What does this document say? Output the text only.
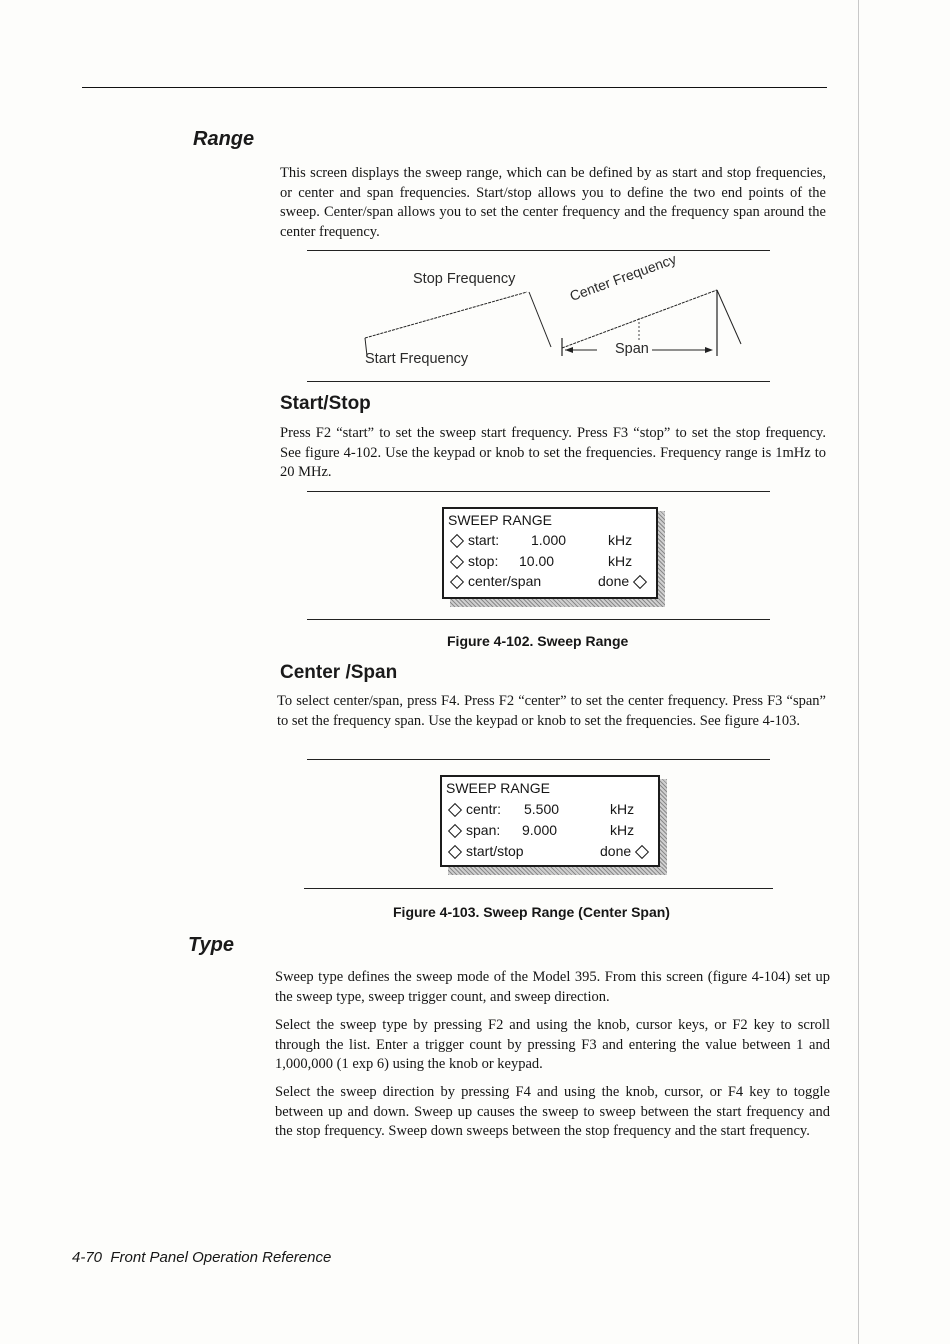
Range

This screen displays the sweep range, which can be defined by as start and stop frequencies, or center and span frequencies. Start/stop allows you to define the two end points of the sweep. Center/span allows you to set the center frequency and the frequency span around the center frequency.

Stop Frequency
Start Frequency
Center Frequency
Span
Start/Stop

Press F2 “start” to set the sweep start frequency. Press F3 “stop” to set the stop frequency. See figure 4-102. Use the keypad or knob to set the frequencies. Frequency range is 1mHz to 20 MHz.

SWEEP RANGE
start: 1.000	kHz
stop: 10.00	kHz
center/span	done
Figure 4-102. Sweep Range
Center /Span

To select center/span, press F4. Press F2 “center” to set the center frequency. Press F3 “span” to set the frequency span. Use the keypad or knob to set the frequencies. See figure 4-103.

SWEEP RANGE
centr: 5.500	kHz
span: 9.000	kHz
start/stop	done
Figure 4-103. Sweep Range (Center Span)
Type

Sweep type defines the sweep mode of the Model 395. From this screen (figure 4-104) set up the sweep type, sweep trigger count, and sweep direction.

Select the sweep type by pressing F2 and using the knob, cursor keys, or F2 key to scroll through the list. Enter a trigger count by pressing F3 and entering the value between 1 and 1,000,000 (1 exp 6) using the knob or keypad.

Select the sweep direction by pressing F4 and using the knob, cursor, or F4 key to toggle between up and down. Sweep up causes the sweep to sweep between the start frequency and the stop frequency. Sweep down sweeps between the stop frequency and the start frequency.

4-70 Front Panel Operation Reference
